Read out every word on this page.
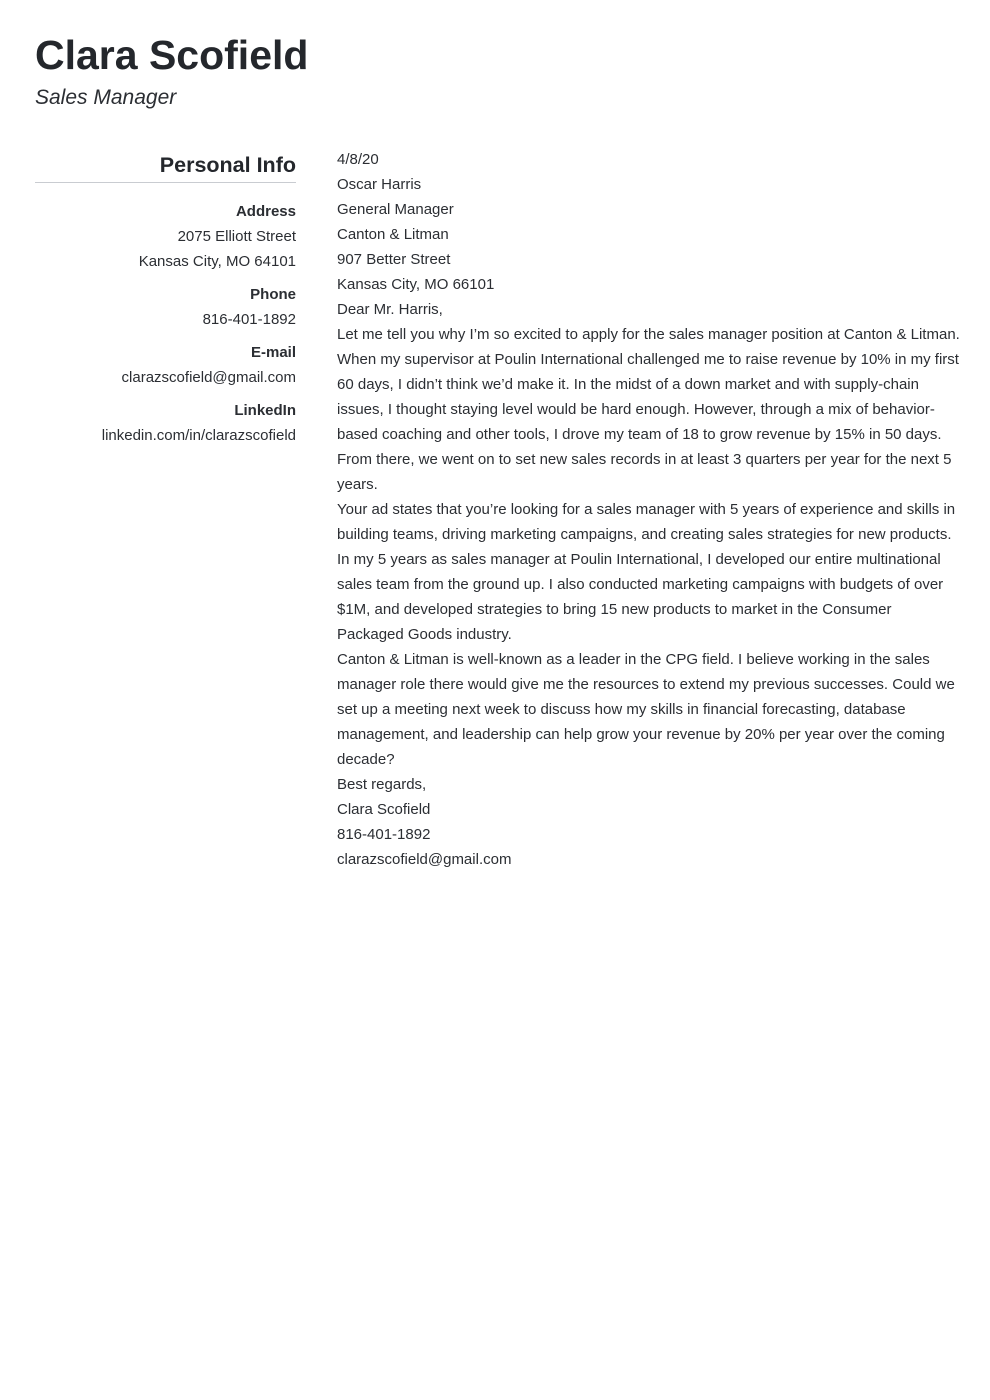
Clara Scofield
Sales Manager
Personal Info
Address
2075 Elliott Street
Kansas City, MO 64101
Phone
816-401-1892
E-mail
clarazscofield@gmail.com
LinkedIn
linkedin.com/in/clarazscofield
4/8/20
Oscar Harris
General Manager
Canton & Litman
907 Better Street
Kansas City, MO 66101
Dear Mr. Harris,

Let me tell you why I’m so excited to apply for the sales manager position at Canton & Litman. When my supervisor at Poulin International challenged me to raise revenue by 10% in my first 60 days, I didn’t think we’d make it. In the midst of a down market and with supply-chain issues, I thought staying level would be hard enough. However, through a mix of behavior-based coaching and other tools, I drove my team of 18 to grow revenue by 15% in 50 days. From there, we went on to set new sales records in at least 3 quarters per year for the next 5 years.

Your ad states that you’re looking for a sales manager with 5 years of experience and skills in building teams, driving marketing campaigns, and creating sales strategies for new products. In my 5 years as sales manager at Poulin International, I developed our entire multinational sales team from the ground up. I also conducted marketing campaigns with budgets of over $1M, and developed strategies to bring 15 new products to market in the Consumer Packaged Goods industry.

Canton & Litman is well-known as a leader in the CPG field. I believe working in the sales manager role there would give me the resources to extend my previous successes. Could we set up a meeting next week to discuss how my skills in financial forecasting, database management, and leadership can help grow your revenue by 20% per year over the coming decade?

Best regards,
Clara Scofield
816-401-1892
clarazscofield@gmail.com
